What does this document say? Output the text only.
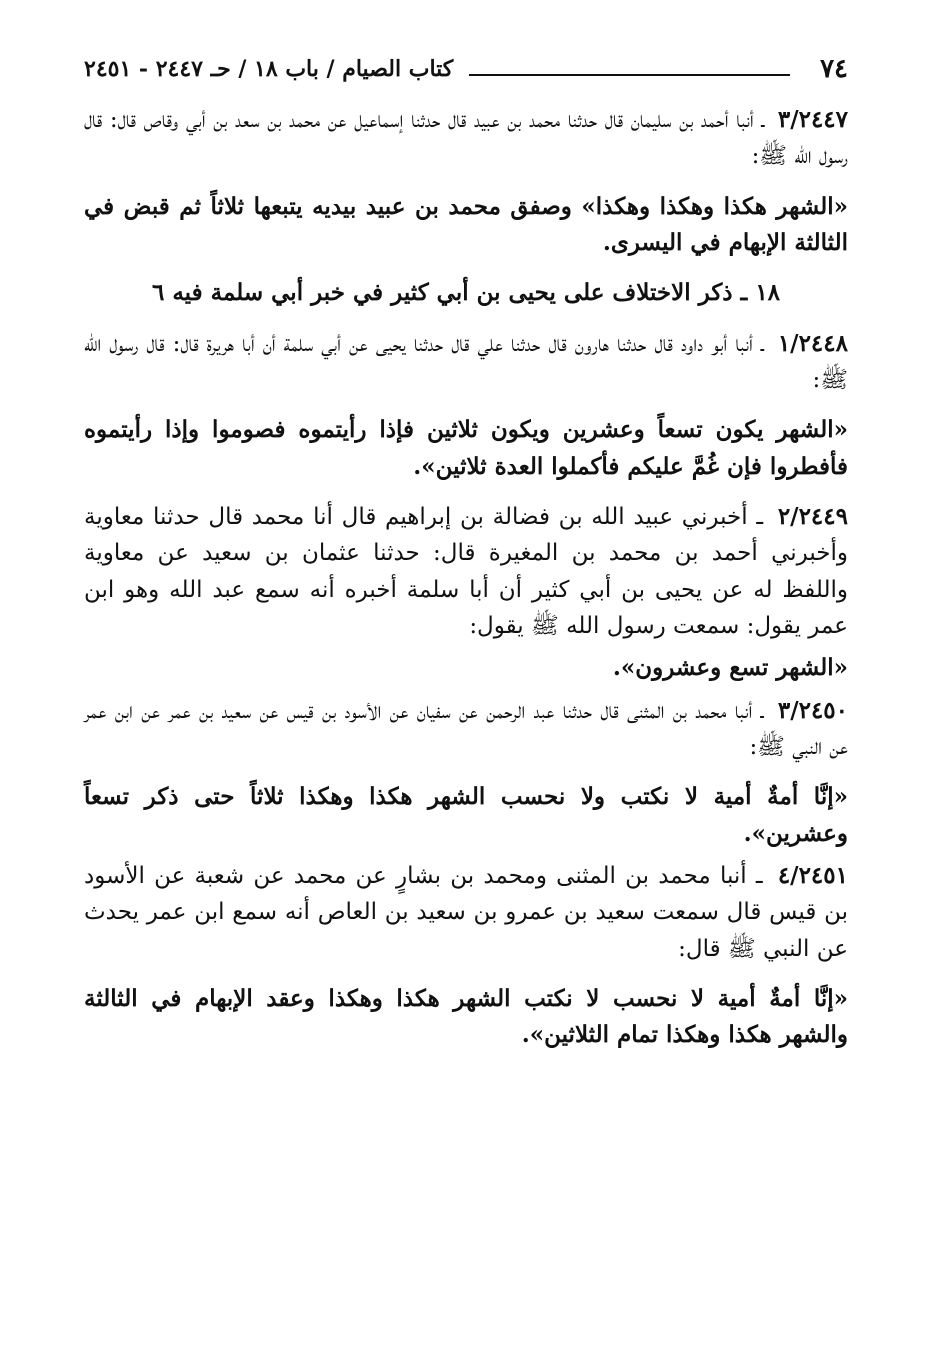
٧٤
كتاب الصيام / باب ١٨ / حـ ٢٤٤٧ - ٢٤٥١

٣/٢٤٤٧ ـ أنبا أحمد بن سليمان قال حدثنا محمد بن عبيد قال حدثنا إسماعيل عن محمد بن سعد بن أبي وقاص قال: قال رسول الله ﷺ:

«الشهر هكذا وهكذا وهكذا» وصفق محمد بن عبيد بيديه يتبعها ثلاثاً ثم قبض في الثالثة الإبهام في اليسرى.

١٨ ـ ذكر الاختلاف على يحيى بن أبي كثير في خبر أبي سلمة فيه ٦

١/٢٤٤٨ ـ أنبا أبو داود قال حدثنا هارون قال حدثنا علي قال حدثنا يحيى عن أبي سلمة أن أبا هريرة قال: قال رسول الله ﷺ:

«الشهر يكون تسعاً وعشرين ويكون ثلاثين فإذا رأيتموه فصوموا وإذا رأيتموه فأفطروا فإن غُمَّ عليكم فأكملوا العدة ثلاثين».

٢/٢٤٤٩ ـ أخبرني عبيد الله بن فضالة بن إبراهيم قال أنا محمد قال حدثنا معاوية وأخبرني أحمد بن محمد بن المغيرة قال: حدثنا عثمان بن سعيد عن معاوية واللفظ له عن يحيى بن أبي كثير أن أبا سلمة أخبره أنه سمع عبد الله وهو ابن عمر يقول: سمعت رسول الله ﷺ يقول:

«الشهر تسع وعشرون».

٣/٢٤٥٠ ـ أنبا محمد بن المثنى قال حدثنا عبد الرحمن عن سفيان عن الأسود بن قيس عن سعيد بن عمر عن ابن عمر عن النبي ﷺ:

«إنَّا أمةٌ أمية لا نكتب ولا نحسب الشهر هكذا وهكذا ثلاثاً حتى ذكر تسعاً وعشرين».

٤/٢٤٥١ ـ أنبا محمد بن المثنى ومحمد بن بشارٍ عن محمد عن شعبة عن الأسود بن قيس قال سمعت سعيد بن عمرو بن سعيد بن العاص أنه سمع ابن عمر يحدث عن النبي ﷺ قال:

«إنَّا أمةٌ أمية لا نحسب لا نكتب الشهر هكذا وهكذا وعقد الإبهام في الثالثة والشهر هكذا وهكذا تمام الثلاثين».
